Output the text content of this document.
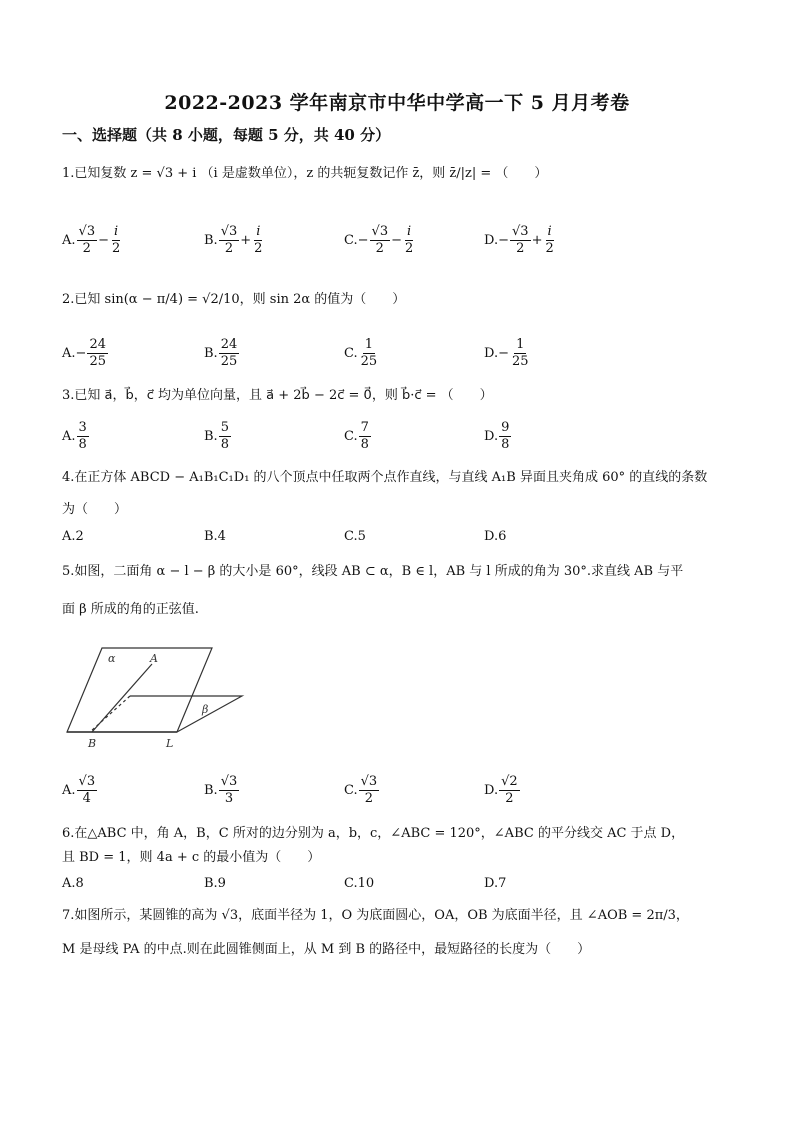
2022-2023 学年南京市中华中学高一下 5 月月考卷
一、选择题（共 8 小题，每题 5 分，共 40 分）
1.已知复数 z = √3 + i （i 是虚数单位），z 的共轭复数记作 z̄，则 z̄/|z| = （　　）
A. $\frac{√3}{2} - \frac{i}{2}$	B. $\frac{√3}{2} + \frac{i}{2}$	C. − $\frac{√3}{2} - \frac{i}{2}$	D. − $\frac{√3}{2} + \frac{i}{2}$
2.已知 sin(α − π/4) = √2/10，则 sin 2α 的值为（　　）
A. − $\frac{24}{25}$	B. $\frac{24}{25}$	C. $\frac{1}{25}$	D. − $\frac{1}{25}$
3.已知 a⃗，b⃗，c⃗ 均为单位向量，且 a⃗ + 2b⃗ − 2c⃗ = 0⃗，则 b⃗·c⃗ = （　　）
A. $\frac{3}{8}$	B. $\frac{5}{8}$	C. $\frac{7}{8}$	D. $\frac{9}{8}$
4.在正方体 ABCD − A₁B₁C₁D₁ 的八个顶点中任取两个点作直线，与直线 A₁B 异面且夹角成 60° 的直线的条数
为（　　）
A.2	B.4	C.5	D.6
5.如图，二面角 α − l − β 的大小是 60°，线段 AB ⊂ α，B ∈ l，AB 与 l 所成的角为 30°.求直线 AB 与平
面 β 所成的角的正弦值.
α	A
β
B	L
A. $\frac{√3}{4}$	B. $\frac{√3}{3}$	C. $\frac{√3}{2}$	D. $\frac{√2}{2}$
6.在△ABC 中，角 A，B，C 所对的边分别为 a，b，c，∠ABC = 120°，∠ABC 的平分线交 AC 于点 D，
且 BD = 1，则 4a + c 的最小值为（　　）
A.8	B.9	C.10	D.7
7.如图所示，某圆锥的高为 √3，底面半径为 1，O 为底面圆心，OA，OB 为底面半径，且 ∠AOB = 2π/3，
M 是母线 PA 的中点.则在此圆锥侧面上，从 M 到 B 的路径中，最短路径的长度为（　　）
